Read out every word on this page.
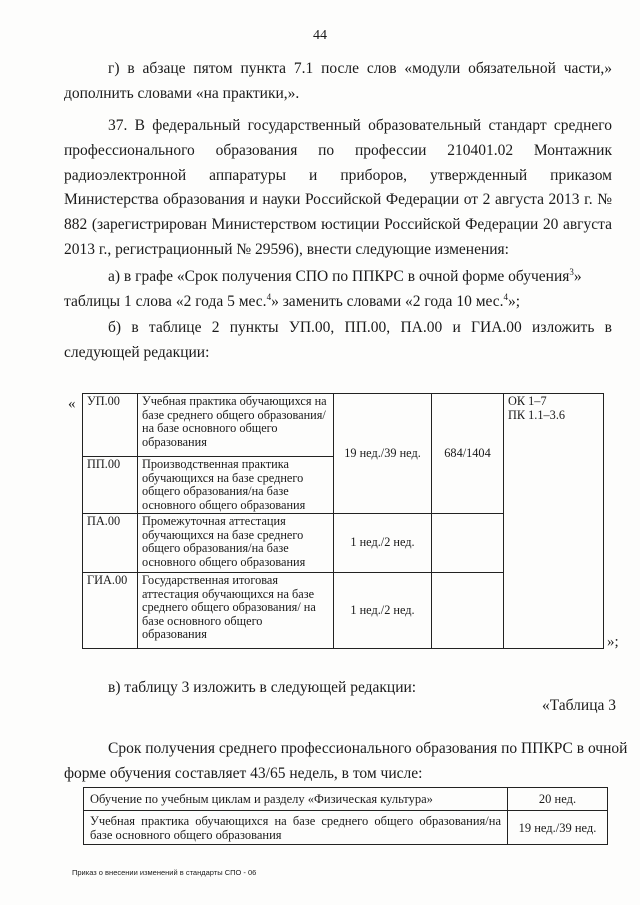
44
г) в абзаце пятом пункта 7.1 после слов «модули обязательной части,» дополнить словами «на практики,».
37. В федеральный государственный образовательный стандарт среднего профессионального образования по профессии 210401.02 Монтажник радиоэлектронной аппаратуры и приборов, утвержденный приказом Министерства образования и науки Российской Федерации от 2 августа 2013 г. № 882 (зарегистрирован Министерством юстиции Российской Федерации 20 августа 2013 г., регистрационный № 29596), внести следующие изменения:
а) в графе «Срок получения СПО по ППКРС в очной форме обучения$^3$» таблицы 1 слова «2 года 5 мес.$^4$» заменить словами «2 года 10 мес.$^4$»;
б) в таблице 2 пункты УП.00, ПП.00, ПА.00 и ГИА.00 изложить в следующей редакции:
« УП.00	Учебная практика обучающихся на базе среднего общего образования/на базе основного общего образования	19 нед./39 нед.	684/1404	ОК 1–7
ПК 1.1–3.6

ПП.00	Производственная практика обучающихся на базе среднего общего образования/на базе основного общего образования			
ПА.00	Промежуточная аттестация обучающихся на базе среднего общего образования/на базе основного общего образования	1 нед./2 нед.		
ГИА.00	Государственная итоговая аттестация обучающихся на базе среднего общего образования/ на базе основного общего образования	1 нед./2 нед.		
»;
в) таблицу 3 изложить в следующей редакции:
«Таблица 3
Срок получения среднего профессионального образования по ППКРС в очной
форме обучения составляет 43/65 недель, в том числе:
Обучение по учебным циклам и разделу «Физическая культура»	20 нед.
Учебная практика обучающихся на базе среднего общего образования/на базе основного общего образования	19 нед./39 нед.
Приказ о внесении изменений в стандарты СПО - 06
